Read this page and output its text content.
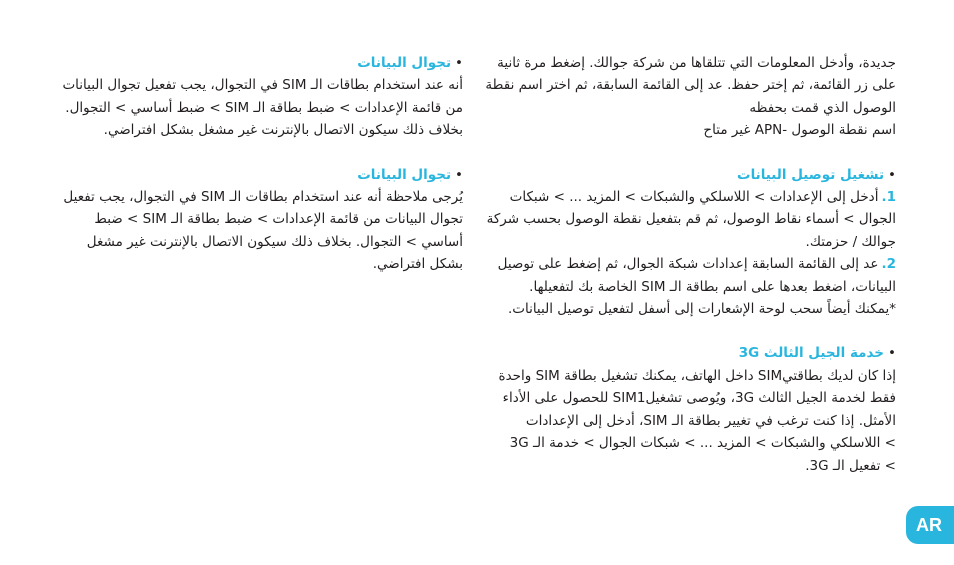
جديدة، وأدخل المعلومات التي تتلقاها من شركة جوالك. إضغط مرة ثانية
على زر القائمة، ثم إختر حفظ. عد إلى القائمة السابقة، ثم اختر اسم نقطة
الوصول الذي قمت بحفظه
اسم نقطة الوصول -APN غير متاح
•تشغيل توصيل البيانات
1.أدخل إلى الإعدادات > اللاسلكي والشبكات > المزيد ... > شبكات
الجوال > أسماء نقاط الوصول، ثم قم بتفعيل نقطة الوصول بحسب شركة
جوالك / حزمتك.
2.عد إلى القائمة السابقة إعدادات شبكة الجوال، ثم إضغط على توصيل
البيانات، اضغط بعدها على اسم بطاقة الـ SIM الخاصة بك لتفعيلها.
*يمكنك أيضاً سحب لوحة الإشعارات إلى أسفل لتفعيل توصيل البيانات.
•خدمة الجيل الثالث 3G
إذا كان لديك بطاقتيSIM داخل الهاتف، يمكنك تشغيل بطاقة SIM واحدة
فقط لخدمة الجيل الثالث 3G، ويُوصى تشغيلSIM1 للحصول على الأداء
الأمثل. إذا كنت ترغب في تغيير بطاقة الـ SIM، أدخل إلى الإعدادات
> اللاسلكي والشبكات > المزيد ... > شبكات الجوال > خدمة الـ 3G
> تفعيل الـ 3G.
•تجوال البيانات
أنه عند استخدام بطاقات الـ SIM في التجوال، يجب تفعيل تجوال البيانات
من قائمة الإعدادات > ضبط بطاقة الـ SIM > ضبط أساسي > التجوال.
بخلاف ذلك سيكون الاتصال بالإنترنت غير مشغل بشكل افتراضي.
•تجوال البيانات
يُرجى ملاحظة أنه عند استخدام بطاقات الـ SIM في التجوال، يجب تفعيل
تجوال البيانات من قائمة الإعدادات > ضبط بطاقة الـ SIM > ضبط
أساسي > التجوال. بخلاف ذلك سيكون الاتصال بالإنترنت غير مشغل
بشكل افتراضي.
AR
